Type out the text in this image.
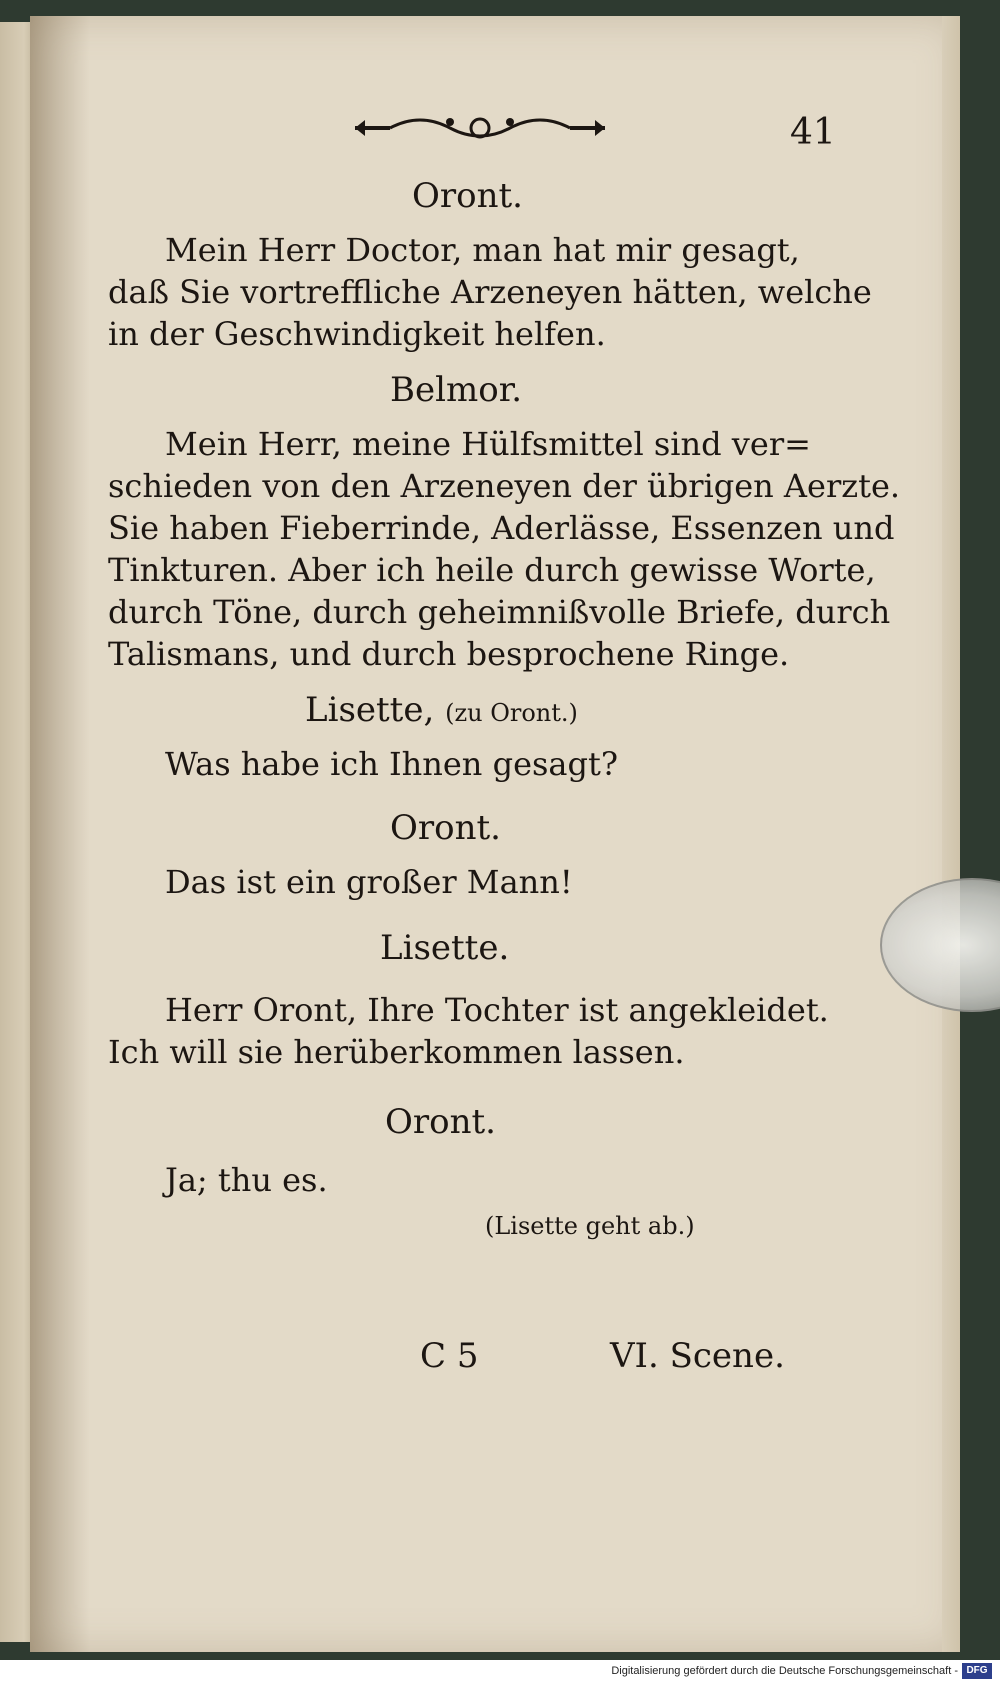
41
Oront.
Mein Herr Doctor, man hat mir gesagt,
daß Sie vortreffliche Arzeneyen hätten, welche
in der Geschwindigkeit helfen.
Belmor.
Mein Herr, meine Hülfsmittel sind ver=
schieden von den Arzeneyen der übrigen Aerzte.
Sie haben Fieberrinde, Aderlässe, Essenzen und
Tinkturen. Aber ich heile durch gewisse Worte,
durch Töne, durch geheimnißvolle Briefe, durch
Talismans, und durch besprochene Ringe.
Lisette, (zu Oront.)
Was habe ich Ihnen gesagt?
Oront.
Das ist ein großer Mann!
Lisette.
Herr Oront, Ihre Tochter ist angekleidet.
Ich will sie herüberkommen lassen.
Oront.
Ja; thu es.
(Lisette geht ab.)
C 5	VI. Scene.
Digitalisierung gefördert durch die Deutsche Forschungsgemeinschaft - DFG
